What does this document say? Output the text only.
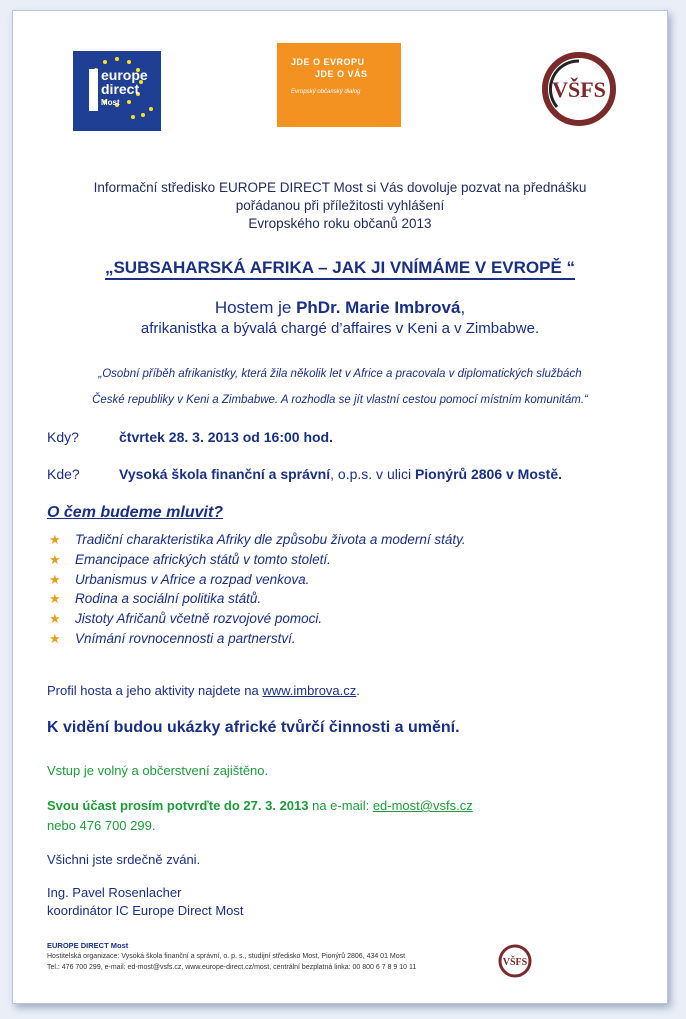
europe
direct
Most
JDE O EVROPU
JDE O VÁS
Evropský občanský dialog	VŠFS
Informační středisko EUROPE DIRECT Most si Vás dovoluje pozvat na přednášku
pořádanou při příležitosti vyhlášení
Evropského roku občanů 2013
„SUBSAHARSKÁ AFRIKA – JAK JI VNÍMÁME V EVROPĚ “
Hostem je PhDr. Marie Imbrová,
afrikanistka a bývalá chargé d’affaires v Keni a v Zimbabwe.
„Osobní příběh afrikanistky, která žila několik let v Africe a pracovala v diplomatických službách
České republiky v Keni a Zimbabwe. A rozhodla se jít vlastní cestou pomocí místním komunitám.“
Kdy?	čtvrtek 28. 3. 2013 od 16:00 hod.
Kde?	Vysoká škola finanční a správní, o.p.s. v ulici Pionýrů 2806 v Mostě.
O čem budeme mluvit?
★ Tradiční charakteristika Afriky dle způsobu života a moderní státy.
★ Emancipace afrických států v tomto století.
★ Urbanismus v Africe a rozpad venkova.
★ Rodina a sociální politika států.
★ Jistoty Afričanů včetně rozvojové pomoci.
★ Vnímání rovnocennosti a partnerství.
Profil hosta a jeho aktivity najdete na www.imbrova.cz.
K vidění budou ukázky africké tvůrčí činnosti a umění.
Vstup je volný a občerstvení zajištěno.
Svou účast prosím potvrďte do 27. 3. 2013 na e-mail: ed-most@vsfs.cz
nebo 476 700 299.
Všichni jste srdečně zváni.
Ing. Pavel Rosenlacher
koordinátor IC Europe Direct Most
EUROPE DIRECT Most
Hostitelská organizace: Vysoká škola finanční a správní, o. p. s., studijní středisko Most, Pionýrů 2806, 434 01 Most
Tel.: 476 700 299, e-mail: ed-most@vsfs.cz, www.europe-direct.cz/most, centrální bezplatná linka: 00 800 6 7 8 9 10 11	VŠFS
